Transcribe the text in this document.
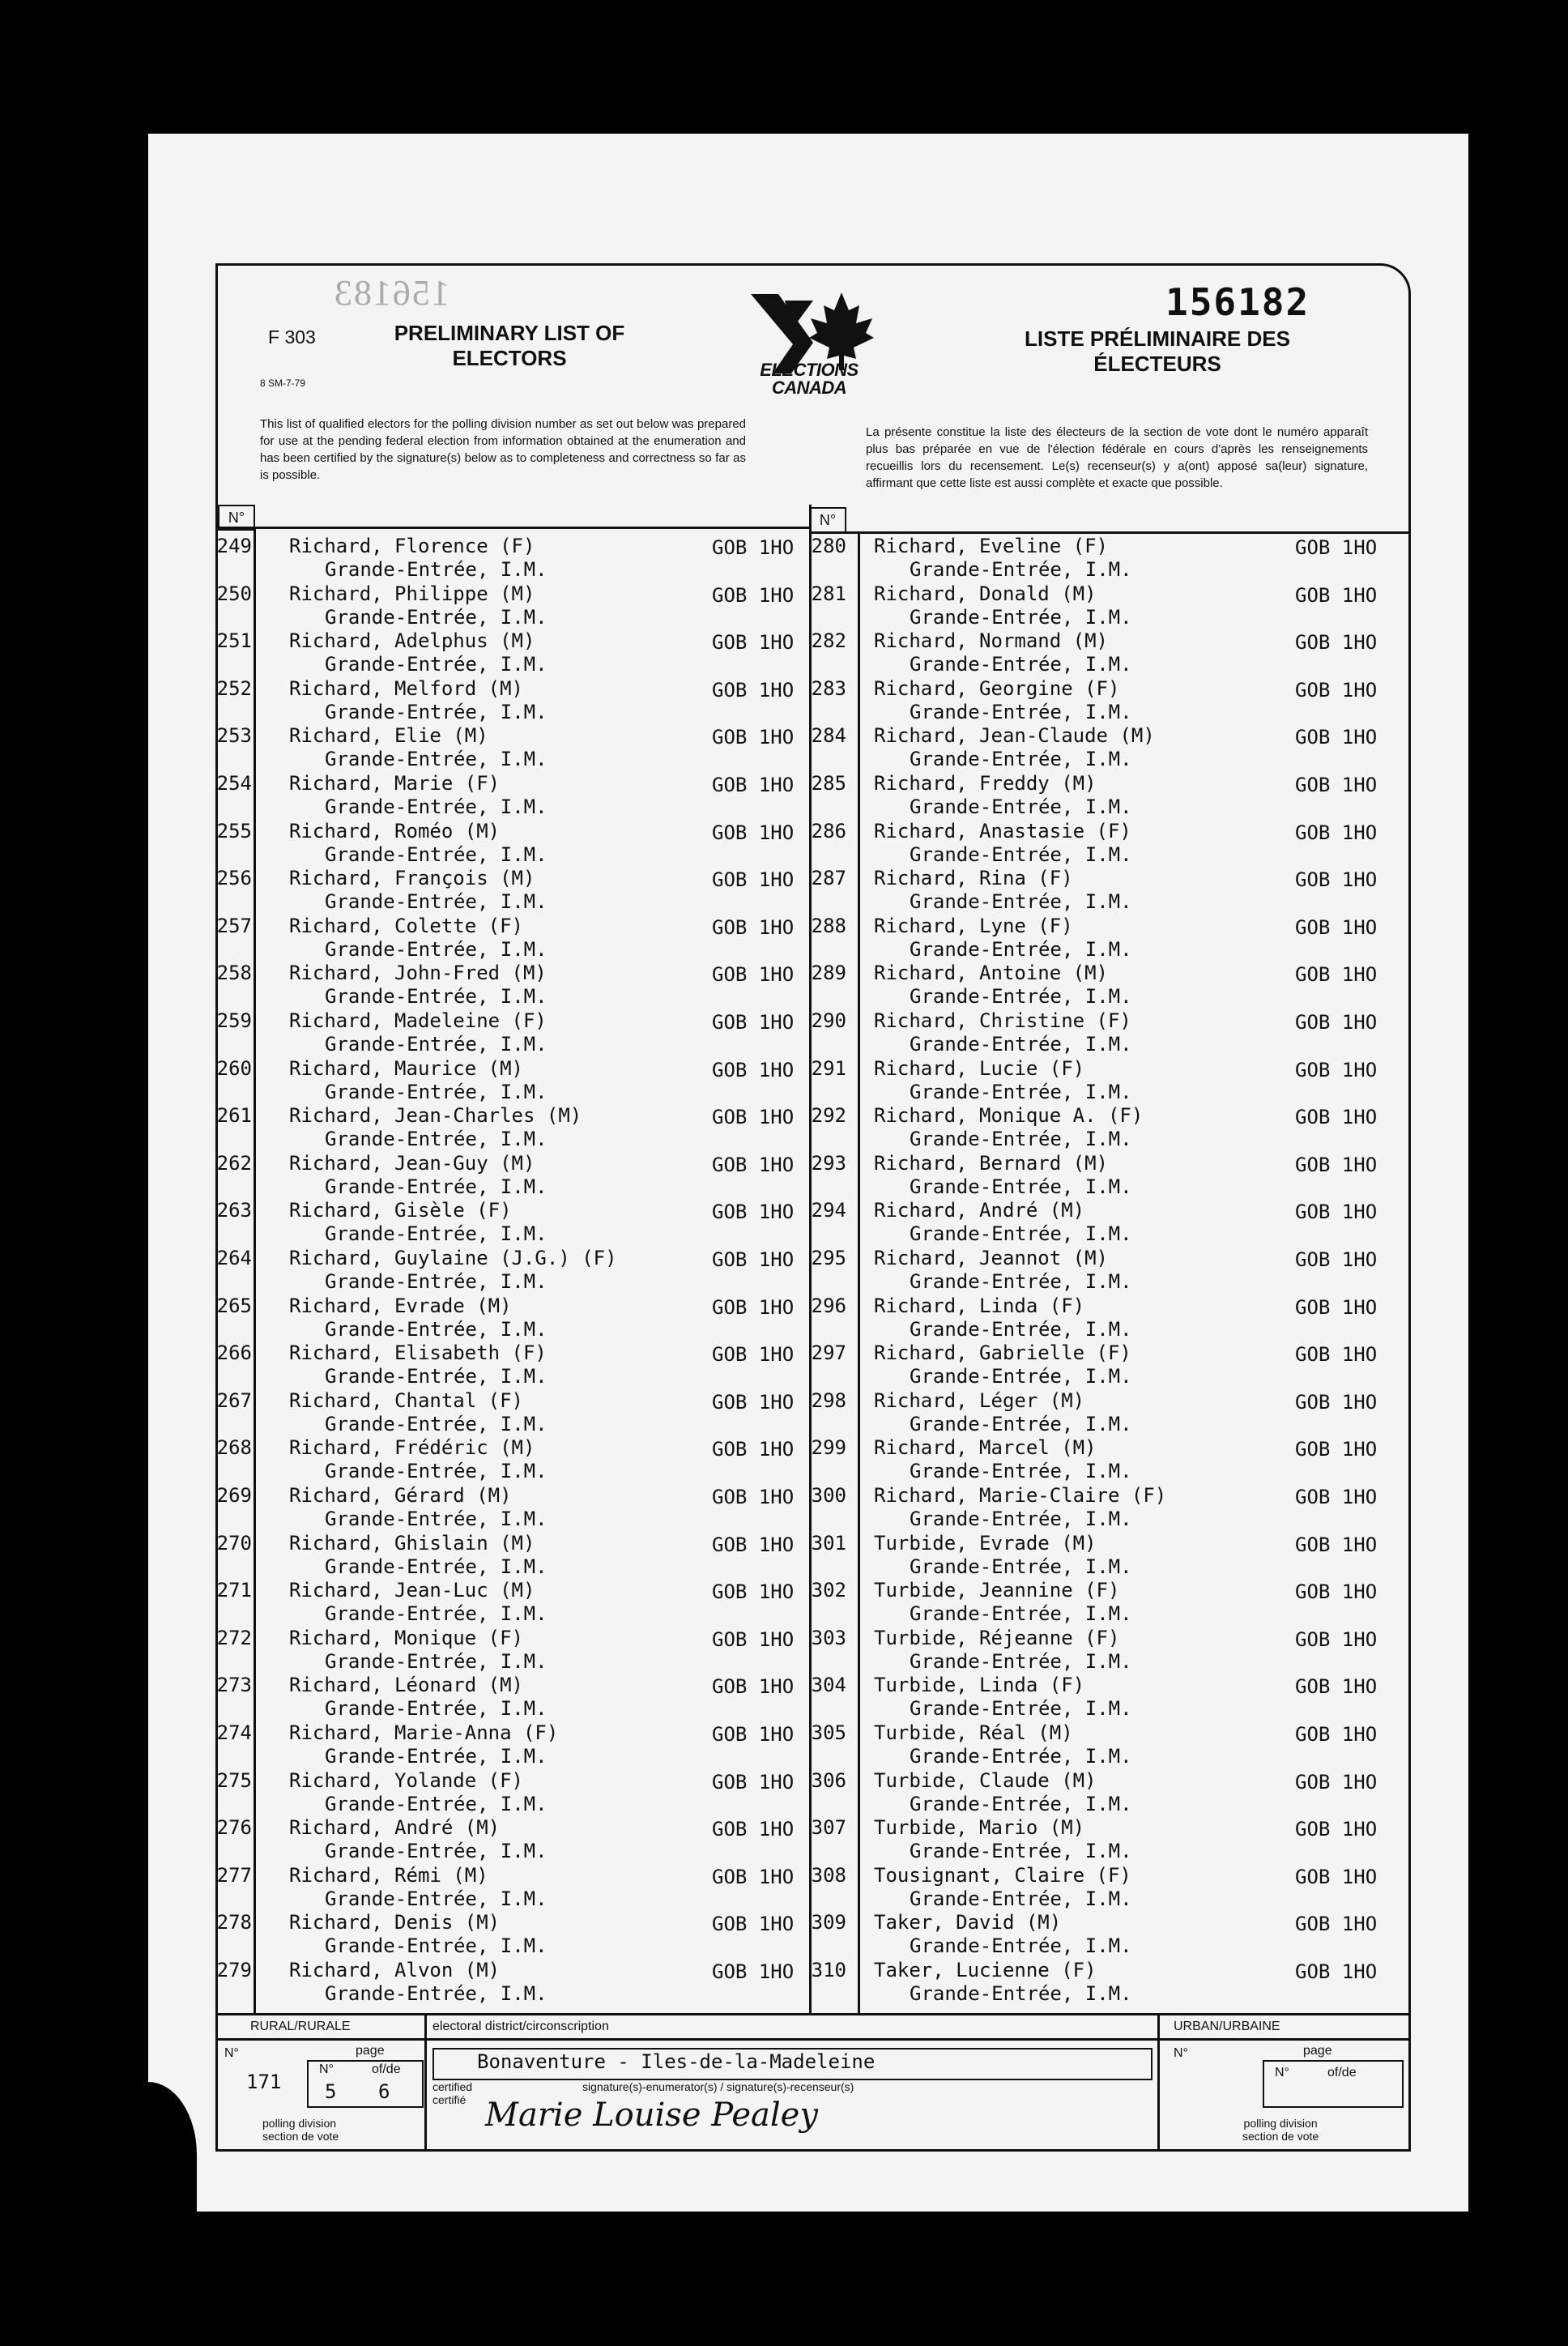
156183	156182
F 303
8 SM-7-79
PRELIMINARY LIST OF ELECTORS
LISTE PRÉLIMINAIRE DES ÉLECTEURS
ELECTIONS CANADA
This list of qualified electors for the polling division number as set out below was prepared for use at the pending federal election from information obtained at the enumeration and has been certified by the signature(s) below as to completeness and correctness so far as is possible.
La présente constitue la liste des électeurs de la section de vote dont le numéro apparaît plus bas préparée en vue de l'élection fédérale en cours d'après les renseignements recueillis lors du recensement. Le(s) recenseur(s) y a(ont) apposé sa(leur) signature, affirmant que cette liste est aussi complète et exacte que possible.
N°	N°
249 Richard, Florence (F)
Grande-Entrée, I.M.
GOB 1HO
250 Richard, Philippe (M)
Grande-Entrée, I.M.
GOB 1HO
251 Richard, Adelphus (M)
Grande-Entrée, I.M.
GOB 1HO
252 Richard, Melford (M)
Grande-Entrée, I.M.
GOB 1HO
253 Richard, Elie (M)
Grande-Entrée, I.M.
GOB 1HO
254 Richard, Marie (F)
Grande-Entrée, I.M.
GOB 1HO
255 Richard, Roméo (M)
Grande-Entrée, I.M.
GOB 1HO
256 Richard, François (M)
Grande-Entrée, I.M.
GOB 1HO
257 Richard, Colette (F)
Grande-Entrée, I.M.
GOB 1HO
258 Richard, John-Fred (M)
Grande-Entrée, I.M.
GOB 1HO
259 Richard, Madeleine (F)
Grande-Entrée, I.M.
GOB 1HO
260 Richard, Maurice (M)
Grande-Entrée, I.M.
GOB 1HO
261 Richard, Jean-Charles (M)
Grande-Entrée, I.M.
GOB 1HO
262 Richard, Jean-Guy (M)
Grande-Entrée, I.M.
GOB 1HO
263 Richard, Gisèle (F)
Grande-Entrée, I.M.
GOB 1HO
264 Richard, Guylaine (J.G.) (F)
Grande-Entrée, I.M.
GOB 1HO
265 Richard, Evrade (M)
Grande-Entrée, I.M.
GOB 1HO
266 Richard, Elisabeth (F)
Grande-Entrée, I.M.
GOB 1HO
267 Richard, Chantal (F)
Grande-Entrée, I.M.
GOB 1HO
268 Richard, Frédéric (M)
Grande-Entrée, I.M.
GOB 1HO
269 Richard, Gérard (M)
Grande-Entrée, I.M.
GOB 1HO
270 Richard, Ghislain (M)
Grande-Entrée, I.M.
GOB 1HO
271 Richard, Jean-Luc (M)
Grande-Entrée, I.M.
GOB 1HO
272 Richard, Monique (F)
Grande-Entrée, I.M.
GOB 1HO
273 Richard, Léonard (M)
Grande-Entrée, I.M.
GOB 1HO
274 Richard, Marie-Anna (F)
Grande-Entrée, I.M.
GOB 1HO
275 Richard, Yolande (F)
Grande-Entrée, I.M.
GOB 1HO
276 Richard, André (M)
Grande-Entrée, I.M.
GOB 1HO
277 Richard, Rémi (M)
Grande-Entrée, I.M.
GOB 1HO
278 Richard, Denis (M)
Grande-Entrée, I.M.
GOB 1HO
279 Richard, Alvon (M)
Grande-Entrée, I.M.
GOB 1HO
280 Richard, Eveline (F)
Grande-Entrée, I.M.
GOB 1HO
281 Richard, Donald (M)
Grande-Entrée, I.M.
GOB 1HO
282 Richard, Normand (M)
Grande-Entrée, I.M.
GOB 1HO
283 Richard, Georgine (F)
Grande-Entrée, I.M.
GOB 1HO
284 Richard, Jean-Claude (M)
Grande-Entrée, I.M.
GOB 1HO
285 Richard, Freddy (M)
Grande-Entrée, I.M.
GOB 1HO
286 Richard, Anastasie (F)
Grande-Entrée, I.M.
GOB 1HO
287 Richard, Rina (F)
Grande-Entrée, I.M.
GOB 1HO
288 Richard, Lyne (F)
Grande-Entrée, I.M.
GOB 1HO
289 Richard, Antoine (M)
Grande-Entrée, I.M.
GOB 1HO
290 Richard, Christine (F)
Grande-Entrée, I.M.
GOB 1HO
291 Richard, Lucie (F)
Grande-Entrée, I.M.
GOB 1HO
292 Richard, Monique A. (F)
Grande-Entrée, I.M.
GOB 1HO
293 Richard, Bernard (M)
Grande-Entrée, I.M.
GOB 1HO
294 Richard, André (M)
Grande-Entrée, I.M.
GOB 1HO
295 Richard, Jeannot (M)
Grande-Entrée, I.M.
GOB 1HO
296 Richard, Linda (F)
Grande-Entrée, I.M.
GOB 1HO
297 Richard, Gabrielle (F)
Grande-Entrée, I.M.
GOB 1HO
298 Richard, Léger (M)
Grande-Entrée, I.M.
GOB 1HO
299 Richard, Marcel (M)
Grande-Entrée, I.M.
GOB 1HO
300 Richard, Marie-Claire (F)
Grande-Entrée, I.M.
GOB 1HO
301 Turbide, Evrade (M)
Grande-Entrée, I.M.
GOB 1HO
302 Turbide, Jeannine (F)
Grande-Entrée, I.M.
GOB 1HO
303 Turbide, Réjeanne (F)
Grande-Entrée, I.M.
GOB 1HO
304 Turbide, Linda (F)
Grande-Entrée, I.M.
GOB 1HO
305 Turbide, Réal (M)
Grande-Entrée, I.M.
GOB 1HO
306 Turbide, Claude (M)
Grande-Entrée, I.M.
GOB 1HO
307 Turbide, Mario (M)
Grande-Entrée, I.M.
GOB 1HO
308 Tousignant, Claire (F)
Grande-Entrée, I.M.
GOB 1HO
309 Taker, David (M)
Grande-Entrée, I.M.
GOB 1HO
310 Taker, Lucienne (F)
Grande-Entrée, I.M.
GOB 1HO
RURAL/RURALE	URBAN/URBAINE
electoral district/circonscription
Bonaventure - Iles-de-la-Madeleine
N°	page
171
N°	of/de
5 6
N°	page
N°	of/de
certified
certifié
signature(s)-enumerator(s) / signature(s)-recenseur(s)
Marie Louise Pealey
polling division
section de vote
polling division
section de vote
